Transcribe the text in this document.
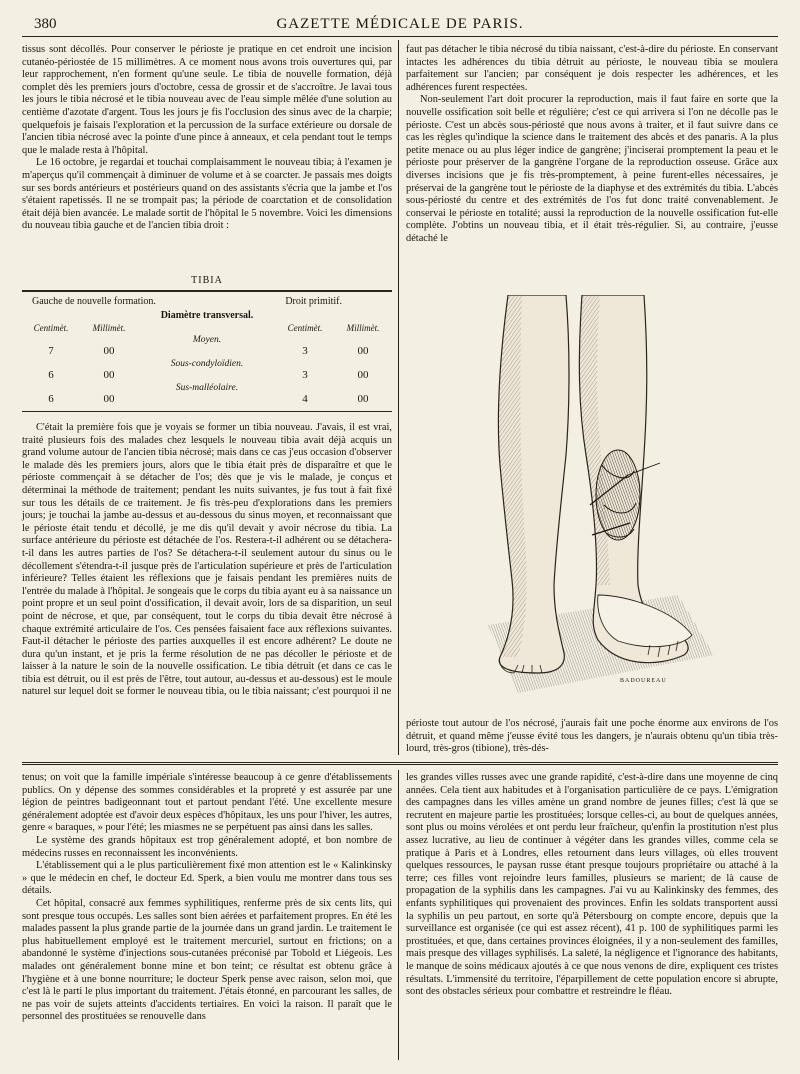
380	GAZETTE MÉDICALE DE PARIS.

tissus sont décollés. Pour conserver le périoste je pratique en cet endroit une incision cutanéo-périostée de 15 millimètres. A ce moment nous avons trois ouvertures qui, par leur rapprochement, n'en forment qu'une seule. Le tibia de nouvelle formation, déjà complet dès les premiers jours d'octobre, cessa de grossir et de s'accroître. Je lavai tous les jours le tibia nécrosé et le tibia nouveau avec de l'eau simple mêlée d'une solution au centième d'azotate d'argent. Tous les jours je fis l'occlusion des sinus avec de la charpie; quelquefois je faisais l'exploration et la percussion de la surface extérieure ou dorsale de l'ancien tibia nécrosé avec la pointe d'une pince à anneaux, et cela pendant tout le temps que le malade resta à l'hôpital.

Le 16 octobre, je regardai et touchai complaisamment le nouveau tibia; à l'examen je m'aperçus qu'il commençait à diminuer de volume et à se coarcter. Je passais mes doigts sur ses bords antérieurs et postérieurs quand on des assistants s'écria que la jambe et l'os s'étaient rapetissés. Il ne se trompait pas; la période de coarctation et de consolidation était déjà bien avancée. Le malade sortit de l'hôpital le 5 novembre. Voici les dimensions du nouveau tibia gauche et de l'ancien tibia droit :

TIBIA
Gauche de nouvelle formation.	Droit primitif.
Diamètre transversal.
Centimèt.	Millimèt.	Centimèt.	Millimèt.
Moyen.
7	00	3	00
Sous-condyloïdien.
6	00	3	00
Sus-malléolaire.
6	00	4	00

C'était la première fois que je voyais se former un tibia nouveau. J'avais, il est vrai, traité plusieurs fois des malades chez lesquels le nouveau tibia avait déjà acquis un grand volume autour de l'ancien tibia nécrosé; mais dans ce cas j'eus occasion d'observer le malade dès les premiers jours, alors que le tibia était près de disparaître et que le périoste commençait à se détacher de l'os; dès que je vis le malade, je conçus et déterminai la méthode de traitement; pendant les nuits suivantes, je fus tout à fait fixé sur tous les détails de ce traitement. Je fis très-peu d'explorations dans les premiers jours; je touchai la jambe au-dessus et au-dessous du sinus moyen, et reconnaissant que le périoste était tendu et décollé, je me dis qu'il devait y avoir nécrose du tibia. La surface antérieure du périoste est détachée de l'os. Restera-t-il adhérent ou se détachera-t-il dans les autres parties de l'os? Se détachera-t-il seulement autour du sinus ou le décollement s'étendra-t-il jusque près de l'articulation supérieure et près de l'articulation inférieure? Telles étaient les réflexions que je faisais pendant les premières nuits de l'entrée du malade à l'hôpital. Je songeais que le corps du tibia ayant eu à sa naissance un point propre et un seul point d'ossification, il devait avoir, lors de sa disparition, un seul point de nécrose, et que, par conséquent, tout le corps du tibia devait être nécrosé à chaque extrémité articulaire de l'os. Ces pensées faisaient face aux réflexions suivantes. Faut-il détacher le périoste des parties auxquelles il est encore adhérent? Le doute ne dura qu'un instant, et je pris la ferme résolution de ne pas décoller le périoste et de laisser à la nature le soin de la nouvelle ossification. Le tibia détruit (et dans ce cas le tibia est détruit, ou il est près de l'être, tout autour, au-dessus et au-dessous) est le moule naturel sur lequel doit se former le nouveau tibia, ou le tibia naissant; c'est pourquoi il ne

faut pas détacher le tibia nécrosé du tibia naissant, c'est-à-dire du périoste. En conservant intactes les adhérences du tibia détruit au périoste, le nouveau tibia se moulera parfaitement sur l'ancien; par conséquent je dois respecter les adhérences, et les adhérences furent respectées.

Non-seulement l'art doit procurer la reproduction, mais il faut faire en sorte que la nouvelle ossification soit belle et régulière; c'est ce qui arrivera si l'on ne décolle pas le périoste. C'est un abcès sous-périosté que nous avons à traiter, et il faut suivre dans ce cas les règles qu'indique la science dans le traitement des abcès et des panaris. A la plus petite menace ou au plus léger indice de gangrène; j'inciserai promptement la peau et le périoste pour préserver de la gangrène l'organe de la reproduction osseuse. Grâce aux diverses incisions que je fis très-promptement, à peine furent-elles nécessaires, je préservai de la gangrène tout le périoste de la diaphyse et des extrémités du tibia. L'abcès sous-périosté du centre et des extrémités de l'os fut donc traité convenablement. Je conservai le périoste en totalité; aussi la reproduction de la nouvelle ossification fut-elle complète. J'obtins un nouveau tibia, et il était très-régulier. Si, au contraire, j'eusse détaché le

BADOUREAU

périoste tout autour de l'os nécrosé, j'aurais fait une poche énorme aux environs de l'os détruit, et quand même j'eusse évité tous les dangers, je n'aurais obtenu qu'un tibia très-lourd, très-gros (tibione), très-dés-

tenus; on voit que la famille impériale s'intéresse beaucoup à ce genre d'établissements publics. On y dépense des sommes considérables et la propreté y est assurée par une légion de peintres badigeonnant tout et partout pendant l'été. Une excellente mesure généralement adoptée est d'avoir deux espèces d'hôpitaux, les uns pour l'hiver, les autres, genre « baraques, » pour l'été; les miasmes ne se perpétuent pas ainsi dans les salles.

Le système des grands hôpitaux est trop généralement adopté, et bon nombre de médecins russes en reconnaissent les inconvénients.

L'établissement qui a le plus particulièrement fixé mon attention est le « Kalinkinsky » que le médecin en chef, le docteur Ed. Sperk, a bien voulu me montrer dans tous ses détails.

Cet hôpital, consacré aux femmes syphilitiques, renferme près de six cents lits, qui sont presque tous occupés. Les salles sont bien aérées et parfaitement propres. En été les malades passent la plus grande partie de la journée dans un grand jardin. Le traitement le plus habituellement employé est le traitement mercuriel, surtout en frictions; on a abandonné le système d'injections sous-cutanées préconisé par Tobold et Liégeois. Les malades ont généralement bonne mine et bon teint; ce résultat est obtenu grâce à l'hygiène et à une bonne nourriture; le docteur Sperk pense avec raison, selon moi, que c'est là le parti le plus important du traitement. J'étais étonné, en parcourant les salles, de ne pas voir de sujets atteints d'accidents tertiaires. En voici la raison. Il paraît que le personnel des prostituées se renouvelle dans

les grandes villes russes avec une grande rapidité, c'est-à-dire dans une moyenne de cinq années. Cela tient aux habitudes et à l'organisation particulière de ce pays. L'émigration des campagnes dans les villes amène un grand nombre de jeunes filles; c'est là que se recrutent en majeure partie les prostituées; lorsque celles-ci, au bout de quelques années, sont plus ou moins vérolées et ont perdu leur fraîcheur, qu'enfin la prostitution n'est plus assez lucrative, au lieu de continuer à végéter dans les grandes villes, comme cela se pratique à Paris et à Londres, elles retournent dans leurs villages, où elles trouvent quelques ressources, le paysan russe étant presque toujours propriétaire ou attaché à la terre; ces filles vont rejoindre leurs familles, plusieurs se marient; de là cause de propagation de la syphilis dans les campagnes. J'ai vu au Kalinkinsky des femmes, des enfants syphilitiques qui provenaient des provinces. Enfin les soldats transportent aussi la syphilis un peu partout, en sorte qu'à Pétersbourg on compte encore, depuis que la surveillance est organisée (ce qui est assez récent), 41 p. 100 de syphilitiques parmi les prostituées, et que, dans certaines provinces éloignées, il y a non-seulement des familles, mais presque des villages syphilisés. La saleté, la négligence et l'ignorance des habitants, le manque de soins médicaux ajoutés à ce que nous venons de dire, expliquent ces tristes résultats. L'immensité du territoire, l'éparpillement de cette population encore si abrupte, sont des obstacles sérieux pour combattre et restreindre le fléau.
